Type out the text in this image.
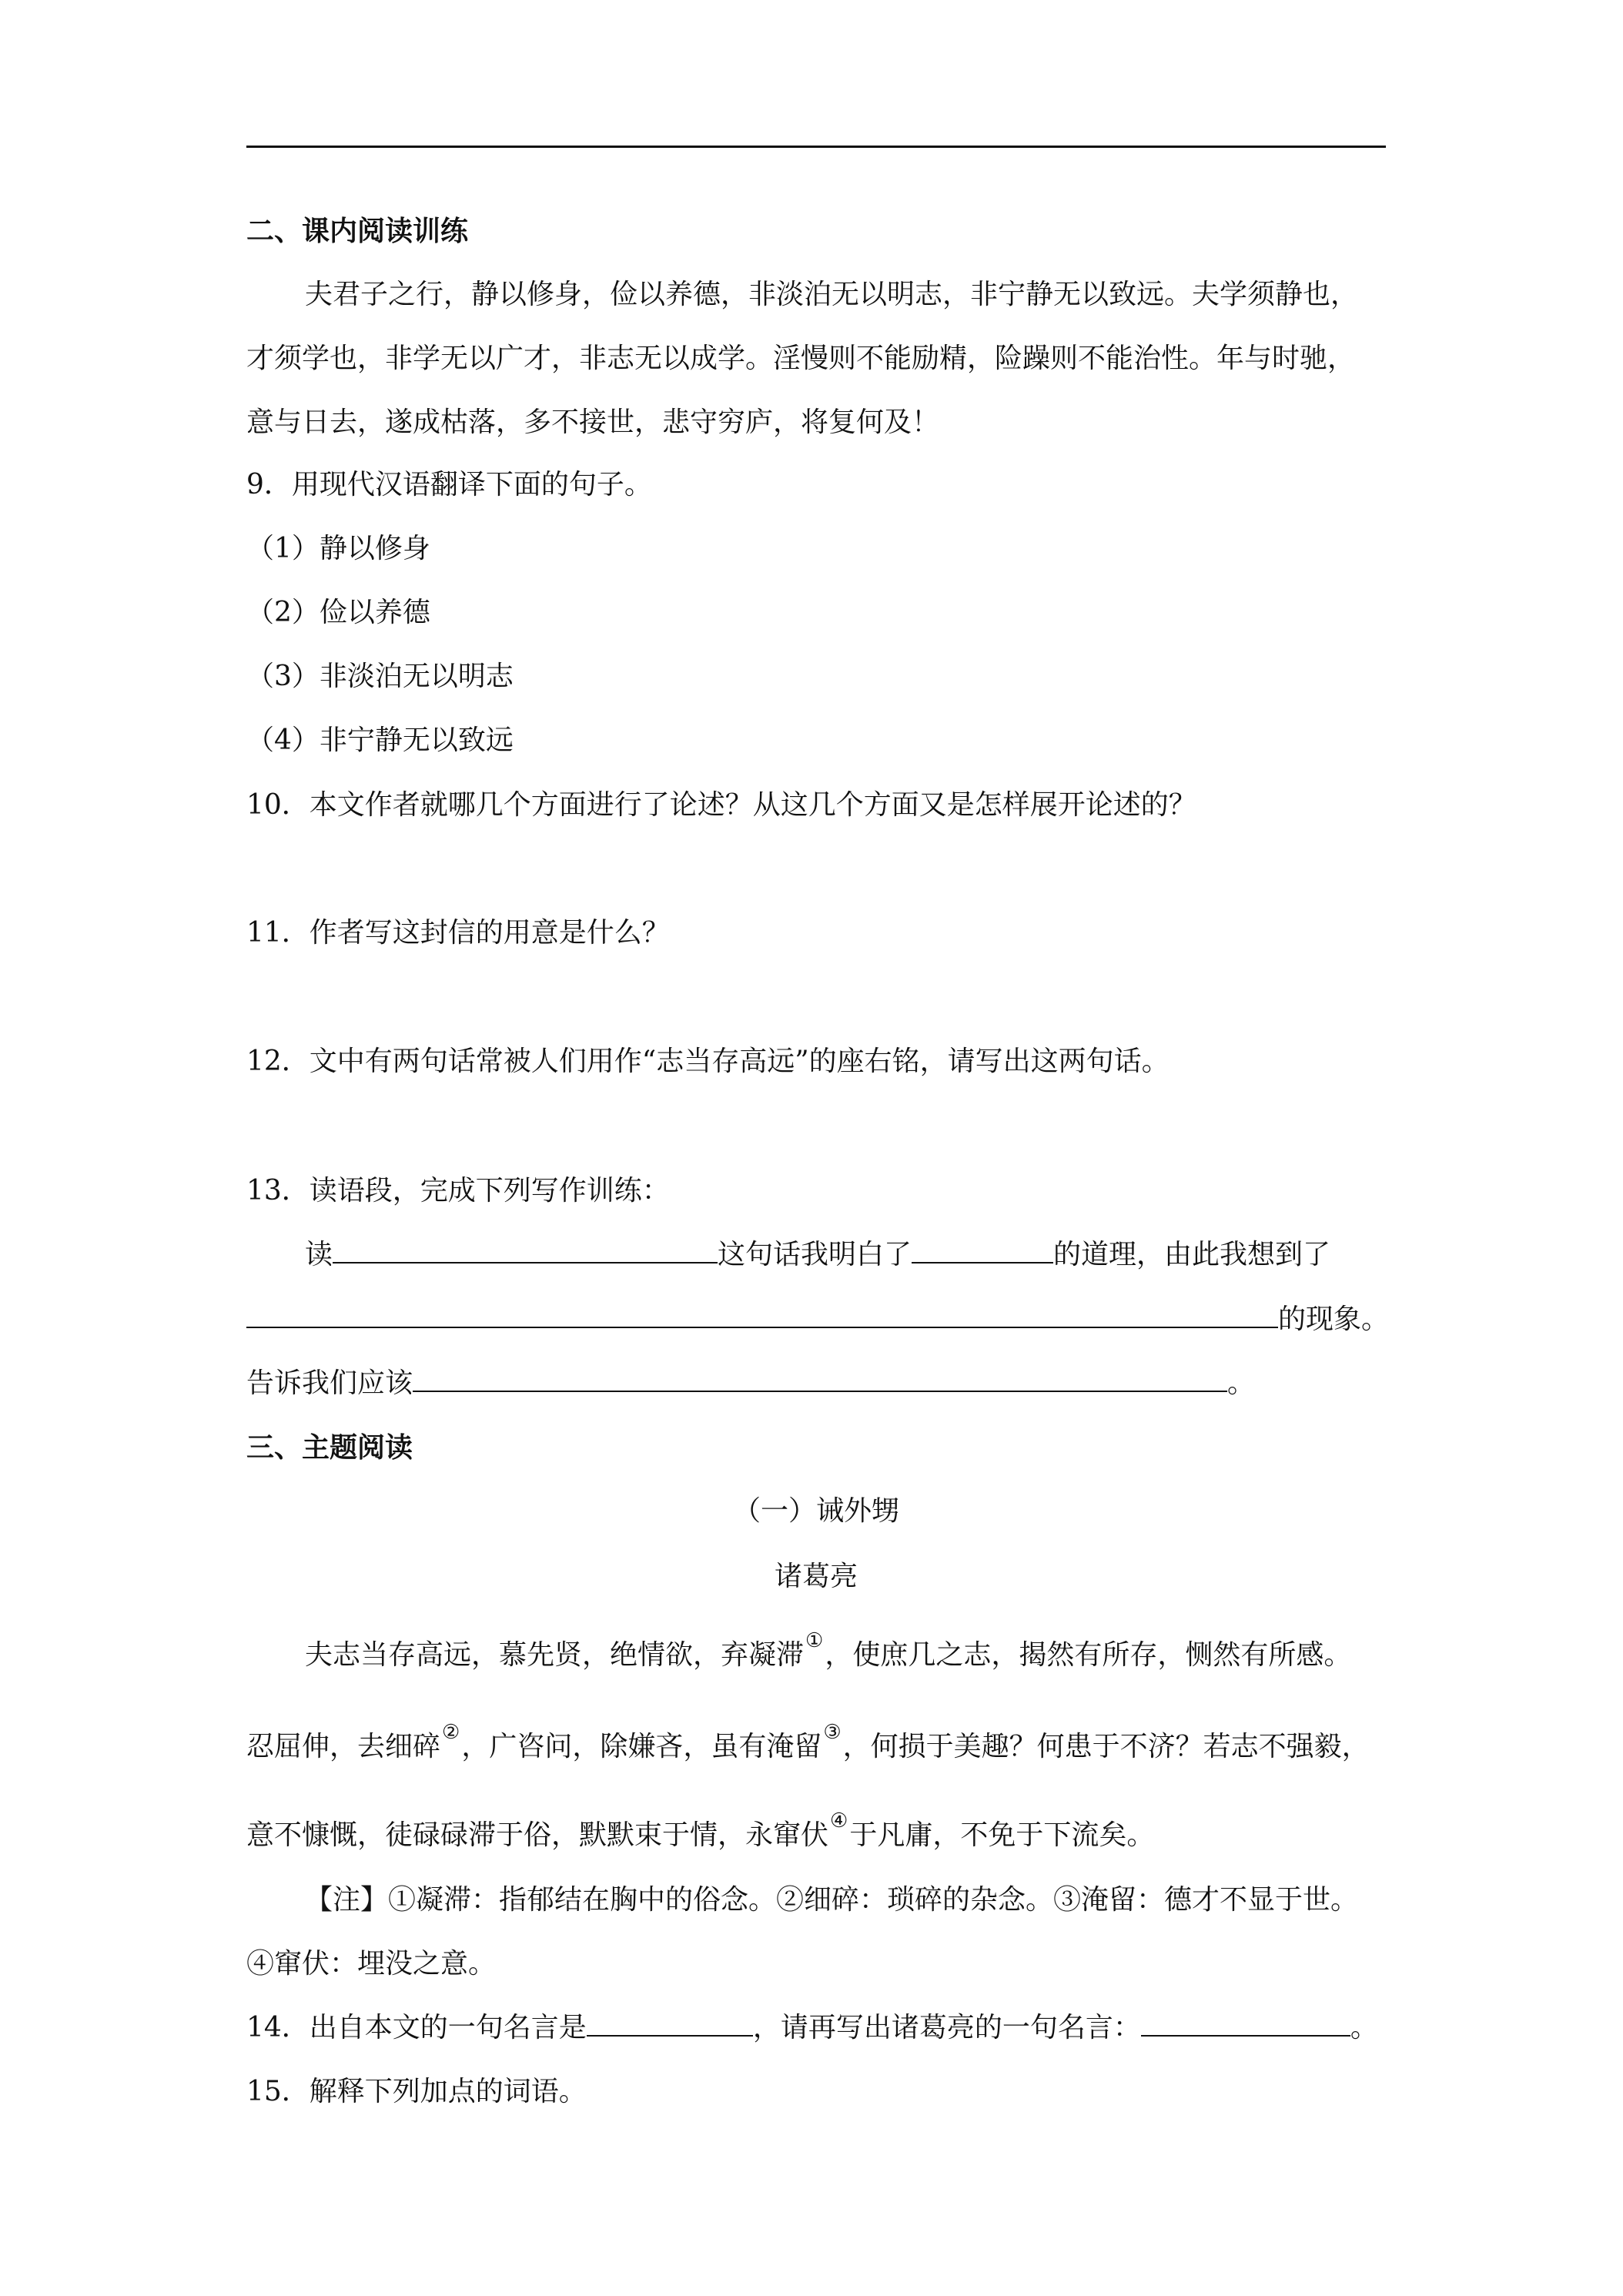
二、课内阅读训练
夫君子之行，静以修身，俭以养德，非淡泊无以明志，非宁静无以致远。夫学须静也，
才须学也，非学无以广才，非志无以成学。淫慢则不能励精，险躁则不能治性。年与时驰，
意与日去，遂成枯落，多不接世，悲守穷庐，将复何及！
9．用现代汉语翻译下面的句子。
（1）静以修身
（2）俭以养德
（3）非淡泊无以明志
（4）非宁静无以致远
10．本文作者就哪几个方面进行了论述？从这几个方面又是怎样展开论述的？
11．作者写这封信的用意是什么？
12．文中有两句话常被人们用作“志当存高远”的座右铭，请写出这两句话。
13．读语段，完成下列写作训练：
读	这句话我明白了	的道理，由此我想到了
的现象。
告诉我们应该	。
三、主题阅读
（一）诫外甥
诸葛亮
夫志当存高远，慕先贤，绝情欲，弃凝滞①，使庶几之志，揭然有所存，恻然有所感。
忍屈伸，去细碎②，广咨问，除嫌吝，虽有淹留③，何损于美趣？何患于不济？若志不强毅，
意不慷慨，徒碌碌滞于俗，默默束于情，永窜伏④于凡庸，不免于下流矣。
【注】①凝滞：指郁结在胸中的俗念。②细碎：琐碎的杂念。③淹留：德才不显于世。
④窜伏：埋没之意。
14．出自本文的一句名言是	，请再写出诸葛亮的一句名言：	。
15．解释下列加点的词语。
